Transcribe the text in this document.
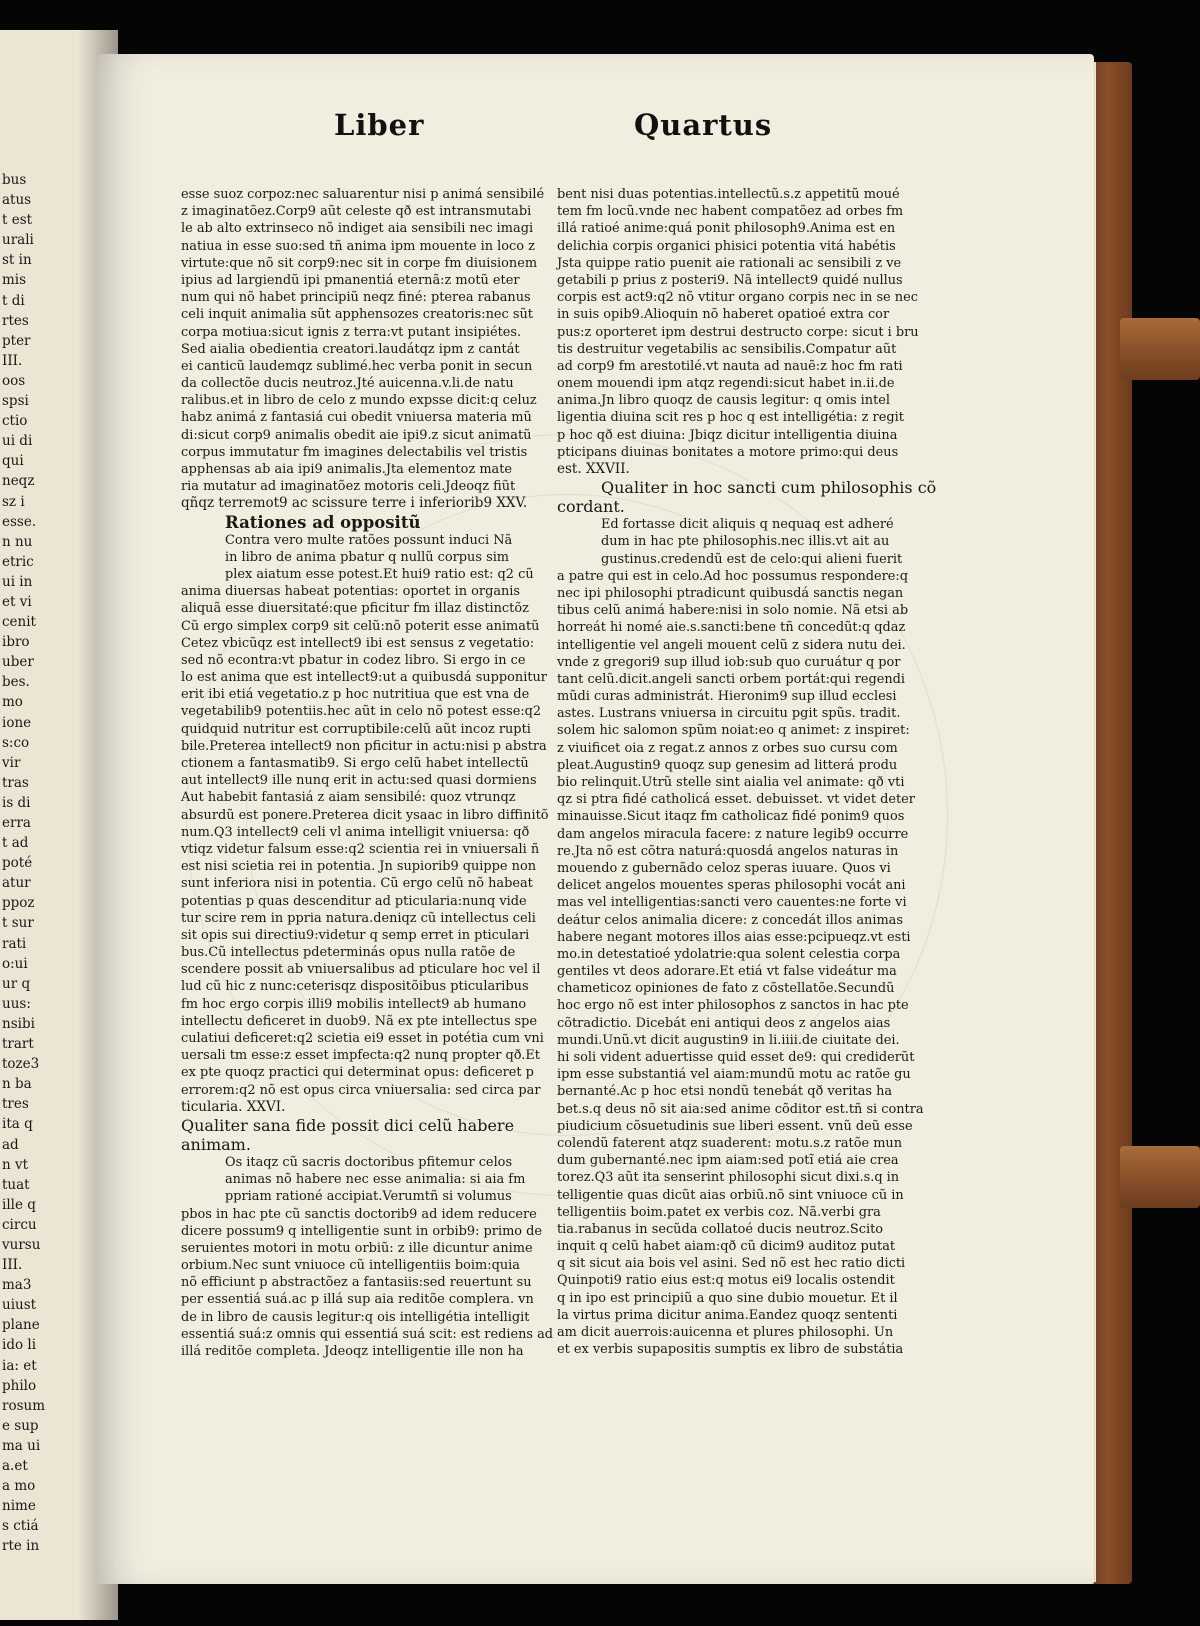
bus
atus
t est
urali
st in
mis
t di
rtes
pter
III.
oos
spsi
ctio
ui di
qui
neqz
sz i
esse.
n nu
etric
ui in
et vi
cenit
ibro
uber
bes.
mo
ione
s:co
vir
tras
is di
erra
t ad
poté
atur
ppoz
t sur
rati
o:ui
ur q
uus:
nsibi
trart
toze3
n ba
tres
ita q
ad
n vt
tuat
ille q
circu
vursu
III.
ma3
uiust
plane
ido li
ia: et
philo
rosum
e sup
ma ui
a.et
a mo
nime
s ctiá
rte in
Liber	Quartus
esse suoz corpoz:nec saluarentur nisi p animá sensibilé
z imaginatõez.Corp9 aũt celeste qð est intransmutabi
le ab alto extrinseco nõ indiget aia sensibili nec imagi
natiua in esse suo:sed tñ anima ipm mouente in loco z
virtute:que nõ sit corp9:nec sit in corpe fm diuisionem
ipius ad largiendũ ipi pmanentiá eternã:z motũ eter
num qui nõ habet principiũ neqz finé: pterea rabanus
celi inquit animalia sũt apphensozes creatoris:nec sũt
corpa motiua:sicut ignis z terra:vt putant insipiétes.
Sed aialia obedientia creatori.laudátqz ipm z cantát
ei canticũ laudemqz sublimé.hec verba ponit in secun
da collectõe ducis neutroz.Jté auicenna.v.li.de natu
ralibus.et in libro de celo z mundo expsse dicit:q celuz
habz animá z fantasiá cui obedit vniuersa materia mũ
di:sicut corp9 animalis obedit aie ipi9.z sicut animatũ
corpus immutatur fm imagines delectabilis vel tristis
apphensas ab aia ipi9 animalis.Jta elementoz mate
ria mutatur ad imaginatõez motoris celi.Jdeoqz fiũt
qñqz terremot9 ac scissure terre i inferiorib9 XXV.
Rationes ad oppositũ
Contra vero multe ratões possunt induci Nã
in libro de anima pbatur q nullũ corpus sim
plex aiatum esse potest.Et hui9 ratio est: q2 cũ
anima diuersas habeat potentias: oportet in organis
aliquã esse diuersitaté:que pficitur fm illaz distinctõz
Cũ ergo simplex corp9 sit celũ:nõ poterit esse animatũ
Cetez vbicũqz est intellect9 ibi est sensus z vegetatio:
sed nõ econtra:vt pbatur in codez libro. Si ergo in ce
lo est anima que est intellect9:ut a quibusdá supponitur
erit ibi etiá vegetatio.z p hoc nutritiua que est vna de
vegetabilib9 potentiis.hec aũt in celo nõ potest esse:q2
quidquid nutritur est corruptibile:celũ aũt incoz rupti
bile.Preterea intellect9 non pficitur in actu:nisi p abstra
ctionem a fantasmatib9. Si ergo celũ habet intellectũ
aut intellect9 ille nunq erit in actu:sed quasi dormiens
Aut habebit fantasiá z aiam sensibilé: quoz vtrunqz
absurdũ est ponere.Preterea dicit ysaac in libro diffinitõ
num.Q3 intellect9 celi vl anima intelligit vniuersa: qð
vtiqz videtur falsum esse:q2 scientia rei in vniuersali ñ
est nisi scietia rei in potentia. Jn supiorib9 quippe non
sunt inferiora nisi in potentia. Cũ ergo celũ nõ habeat
potentias p quas descenditur ad pticularia:nunq vide
tur scire rem in ppria natura.deniqz cũ intellectus celi
sit opis sui directiu9:videtur q semp erret in pticulari
bus.Cũ intellectus pdeterminás opus nulla ratõe de
scendere possit ab vniuersalibus ad pticulare hoc vel il
lud cũ hic z nunc:ceterisqz dispositõibus pticularibus
fm hoc ergo corpis illi9 mobilis intellect9 ab humano
intellectu deficeret in duob9. Nã ex pte intellectus spe
culatiui deficeret:q2 scietia ei9 esset in potétia cum vni
uersali tm esse:z esset impfecta:q2 nunq propter qð.Et
ex pte quoqz practici qui determinat opus: deficeret p
errorem:q2 nõ est opus circa vniuersalia: sed circa par
ticularia. XXVI.
Qualiter sana fide possit dici celũ habere
animam.
Os itaqz cũ sacris doctoribus pfitemur celos
animas nõ habere nec esse animalia: si aia fm
ppriam rationé accipiat.Verumtñ si volumus
pbos in hac pte cũ sanctis doctorib9 ad idem reducere
dicere possum9 q intelligentie sunt in orbib9: primo de
seruientes motori in motu orbiũ: z ille dicuntur anime
orbium.Nec sunt vniuoce cũ intelligentiis boim:quia
nõ efficiunt p abstractõez a fantasiis:sed reuertunt su
per essentiá suá.ac p illá sup aia reditõe complera. vn
de in libro de causis legitur:q ois intelligétia intelligit
essentiá suá:z omnis qui essentiá suá scit: est rediens ad
illá reditõe completa. Jdeoqz intelligentie ille non ha
bent nisi duas potentias.intellectũ.s.z appetitũ moué
tem fm locũ.vnde nec habent compatõez ad orbes fm
illá ratioé anime:quá ponit philosoph9.Anima est en
delichia corpis organici phisici potentia vitá habétis
Jsta quippe ratio puenit aie rationali ac sensibili z ve
getabili p prius z posteri9. Nã intellect9 quidé nullus
corpis est act9:q2 nõ vtitur organo corpis nec in se nec
in suis opib9.Alioquin nõ haberet opatioé extra cor
pus:z oporteret ipm destrui destructo corpe: sicut i bru
tis destruitur vegetabilis ac sensibilis.Compatur aũt
ad corp9 fm arestotilé.vt nauta ad nauẽ:z hoc fm rati
onem mouendi ipm atqz regendi:sicut habet in.ii.de
anima.Jn libro quoqz de causis legitur: q omis intel
ligentia diuina scit res p hoc q est intelligétia: z regit
p hoc qð est diuina: Jbiqz dicitur intelligentia diuina
pticipans diuinas bonitates a motore primo:qui deus
est. XXVII.
Qualiter in hoc sancti cum philosophis cõ
cordant.
Ed fortasse dicit aliquis q nequaq est adheré
dum in hac pte philosophis.nec illis.vt ait au
gustinus.credendũ est de celo:qui alieni fuerit
a patre qui est in celo.Ad hoc possumus respondere:q
nec ipi philosophi ptradicunt quibusdá sanctis negan
tibus celũ animá habere:nisi in solo nomie. Nã etsi ab
horreát hi nomé aie.s.sancti:bene tñ concedũt:q qdaz
intelligentie vel angeli mouent celũ z sidera nutu dei.
vnde z gregori9 sup illud iob:sub quo curuátur q por
tant celũ.dicit.angeli sancti orbem portát:qui regendi
mũdi curas administrát. Hieronim9 sup illud ecclesi
astes. Lustrans vniuersa in circuitu pgit spũs. tradit.
solem hic salomon spũm noiat:eo q animet: z inspiret:
z viuificet oia z regat.z annos z orbes suo cursu com
pleat.Augustin9 quoqz sup genesim ad litterá produ
bio relinquit.Utrũ stelle sint aialia vel animate: qð vti
qz si ptra fidé catholicá esset. debuisset. vt videt deter
minauisse.Sicut itaqz fm catholicaz fidé ponim9 quos
dam angelos miracula facere: z nature legib9 occurre
re.Jta nõ est cõtra naturá:quosdá angelos naturas in
mouendo z gubernãdo celoz speras iuuare. Quos vi
delicet angelos mouentes speras philosophi vocát ani
mas vel intelligentias:sancti vero cauentes:ne forte vi
deátur celos animalia dicere: z concedát illos animas
habere negant motores illos aias esse:pcipueqz.vt esti
mo.in detestatioé ydolatrie:qua solent celestia corpa
gentiles vt deos adorare.Et etiá vt false videátur ma
chameticoz opiniones de fato z cõstellatõe.Secundũ
hoc ergo nõ est inter philosophos z sanctos in hac pte
cõtradictio. Dicebát eni antiqui deos z angelos aias
mundi.Unũ.vt dicit augustin9 in li.iiii.de ciuitate dei.
hi soli vident aduertisse quid esset de9: qui crediderũt
ipm esse substantiá vel aiam:mundũ motu ac ratõe gu
bernanté.Ac p hoc etsi nondũ tenebát qð veritas ha
bet.s.q deus nõ sit aia:sed anime cõditor est.tñ si contra
piudicium cõsuetudinis sue liberi essent. vnũ deũ esse
colendũ faterent atqz suaderent: motu.s.z ratõe mun
dum gubernanté.nec ipm aiam:sed potĩ etiá aie crea
torez.Q3 aũt ita senserint philosophi sicut dixi.s.q in
telligentie quas dicũt aias orbiũ.nõ sint vniuoce cũ in
telligentiis boim.patet ex verbis coz. Nã.verbi gra
tia.rabanus in secũda collatoé ducis neutroz.Scito
inquit q celũ habet aiam:qð cũ dicim9 auditoz putat
q sit sicut aia bois vel asini. Sed nõ est hec ratio dicti
Quinpoti9 ratio eius est:q motus ei9 localis ostendit
q in ipo est principiũ a quo sine dubio mouetur. Et il
la virtus prima dicitur anima.Eandez quoqz sententi
am dicit auerrois:auicenna et plures philosophi. Un
et ex verbis supapositis sumptis ex libro de substátia
